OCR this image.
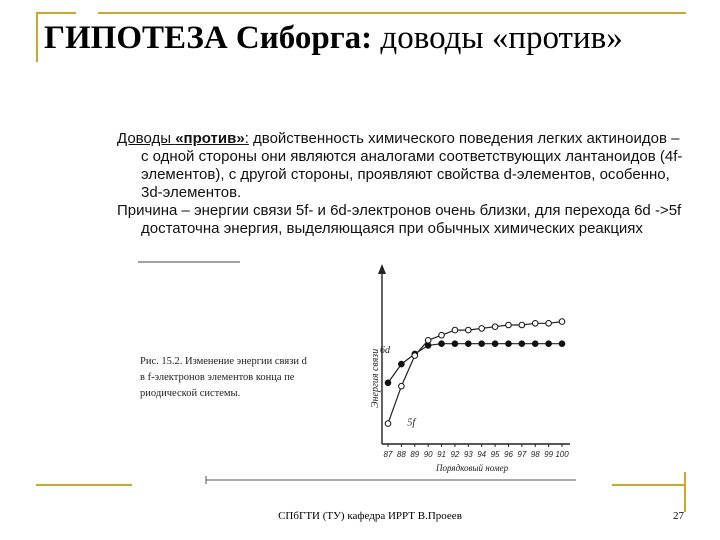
ГИПОТЕЗА Сиборга: доводы «против»

Доводы «против»: двойственность химического поведения легких актиноидов – с одной стороны они являются аналогами соответствующих лантаноидов (4f-элементов), с другой стороны, проявляют свойства d-элементов, особенно, 3d-элементов.

Причина – энергии связи 5f- и 6d-электронов очень близки, для перехода 6d ->5f достаточна энергия, выделяющаяся при обычных химических реакциях

Рис. 15.2. Изменение энергии связи d
в f-электронов элементов конца пе
риодической системы.	Энергия связи
87 88 89 90 91 92 93 94 95 96 97 98 99 100
6d
5f
Порядковый номер
СПбГТИ (ТУ) кафедра ИРРТ В.Проеев	27
